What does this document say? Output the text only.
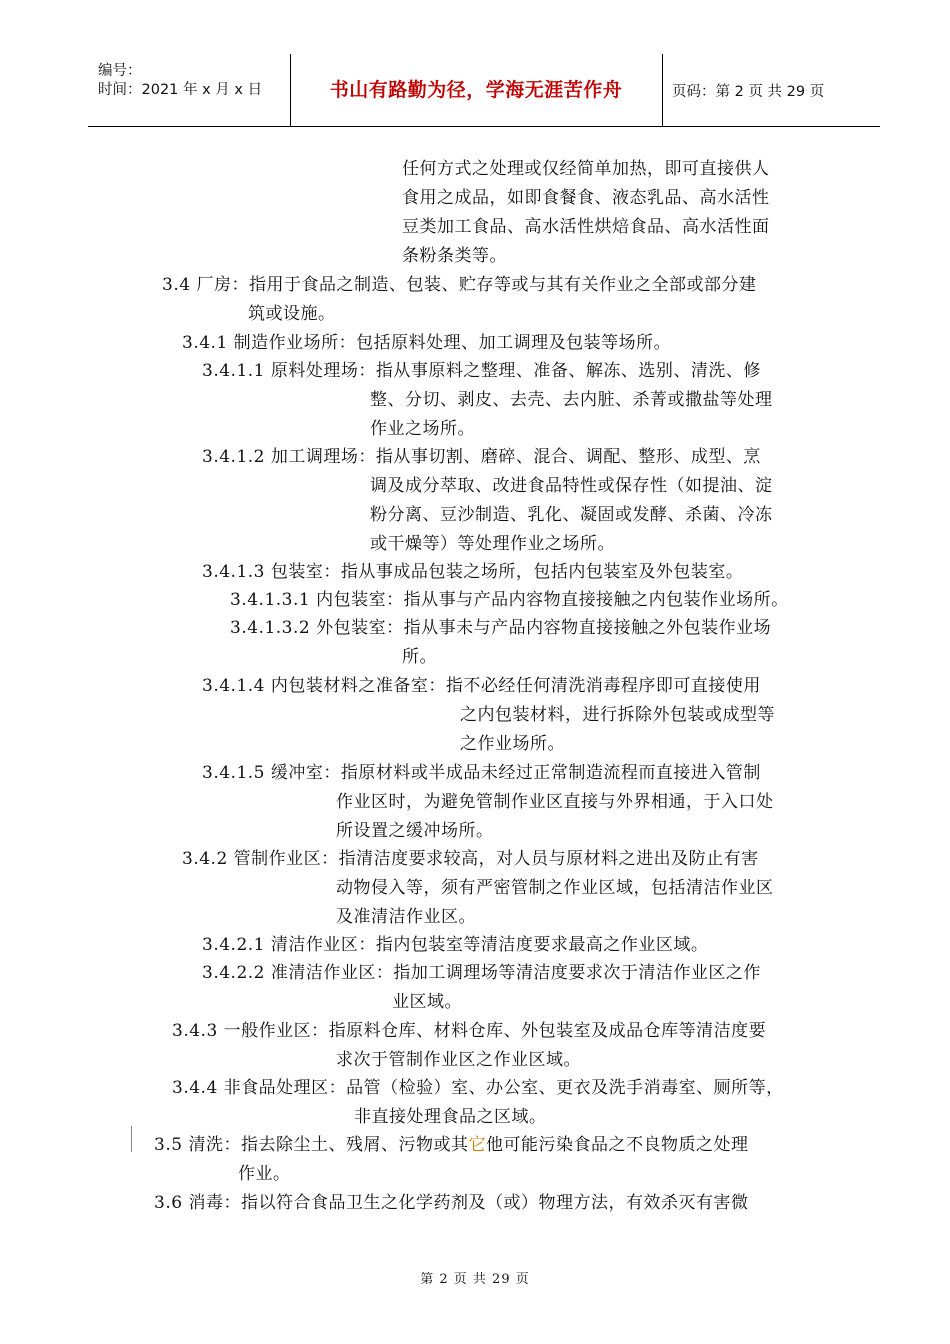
编号：
时间：2021 年 x 月 x 日	书山有路勤为径，学海无涯苦作舟	页码：第 2 页 共 29 页
任何方式之处理或仅经简单加热，即可直接供人
食用之成品，如即食餐食、液态乳品、高水活性
豆类加工食品、高水活性烘焙食品、高水活性面
条粉条类等。
3.4 厂房：指用于食品之制造、包装、贮存等或与其有关作业之全部或部分建
筑或设施。
3.4.1 制造作业场所：包括原料处理、加工调理及包装等场所。
3.4.1.1 原料处理场：指从事原料之整理、准备、解冻、选别、清洗、修
整、分切、剥皮、去壳、去内脏、杀菁或撒盐等处理
作业之场所。
3.4.1.2 加工调理场：指从事切割、磨碎、混合、调配、整形、成型、烹
调及成分萃取、改进食品特性或保存性（如提油、淀
粉分离、豆沙制造、乳化、凝固或发酵、杀菌、冷冻
或干燥等）等处理作业之场所。
3.4.1.3 包装室：指从事成品包装之场所，包括内包装室及外包装室。
3.4.1.3.1 内包装室：指从事与产品内容物直接接触之内包装作业场所。
3.4.1.3.2 外包装室：指从事未与产品内容物直接接触之外包装作业场
所。
3.4.1.4 内包装材料之准备室：指不必经任何清洗消毒程序即可直接使用
之内包装材料，进行拆除外包装或成型等
之作业场所。
3.4.1.5 缓冲室：指原材料或半成品未经过正常制造流程而直接进入管制
作业区时，为避免管制作业区直接与外界相通，于入口处
所设置之缓冲场所。
3.4.2 管制作业区：指清洁度要求较高，对人员与原材料之进出及防止有害
动物侵入等，须有严密管制之作业区域，包括清洁作业区
及准清洁作业区。
3.4.2.1 清洁作业区：指内包装室等清洁度要求最高之作业区域。
3.4.2.2 准清洁作业区：指加工调理场等清洁度要求次于清洁作业区之作
业区域。
3.4.3 一般作业区：指原料仓库、材料仓库、外包装室及成品仓库等清洁度要
求次于管制作业区之作业区域。
3.4.4 非食品处理区：品管（检验）室、办公室、更衣及洗手消毒室、厕所等，
非直接处理食品之区域。
3.5 清洗：指去除尘土、残屑、污物或其它他可能污染食品之不良物质之处理
作业。
3.6 消毒：指以符合食品卫生之化学药剂及（或）物理方法，有效杀灭有害微
第 2 页 共 29 页
